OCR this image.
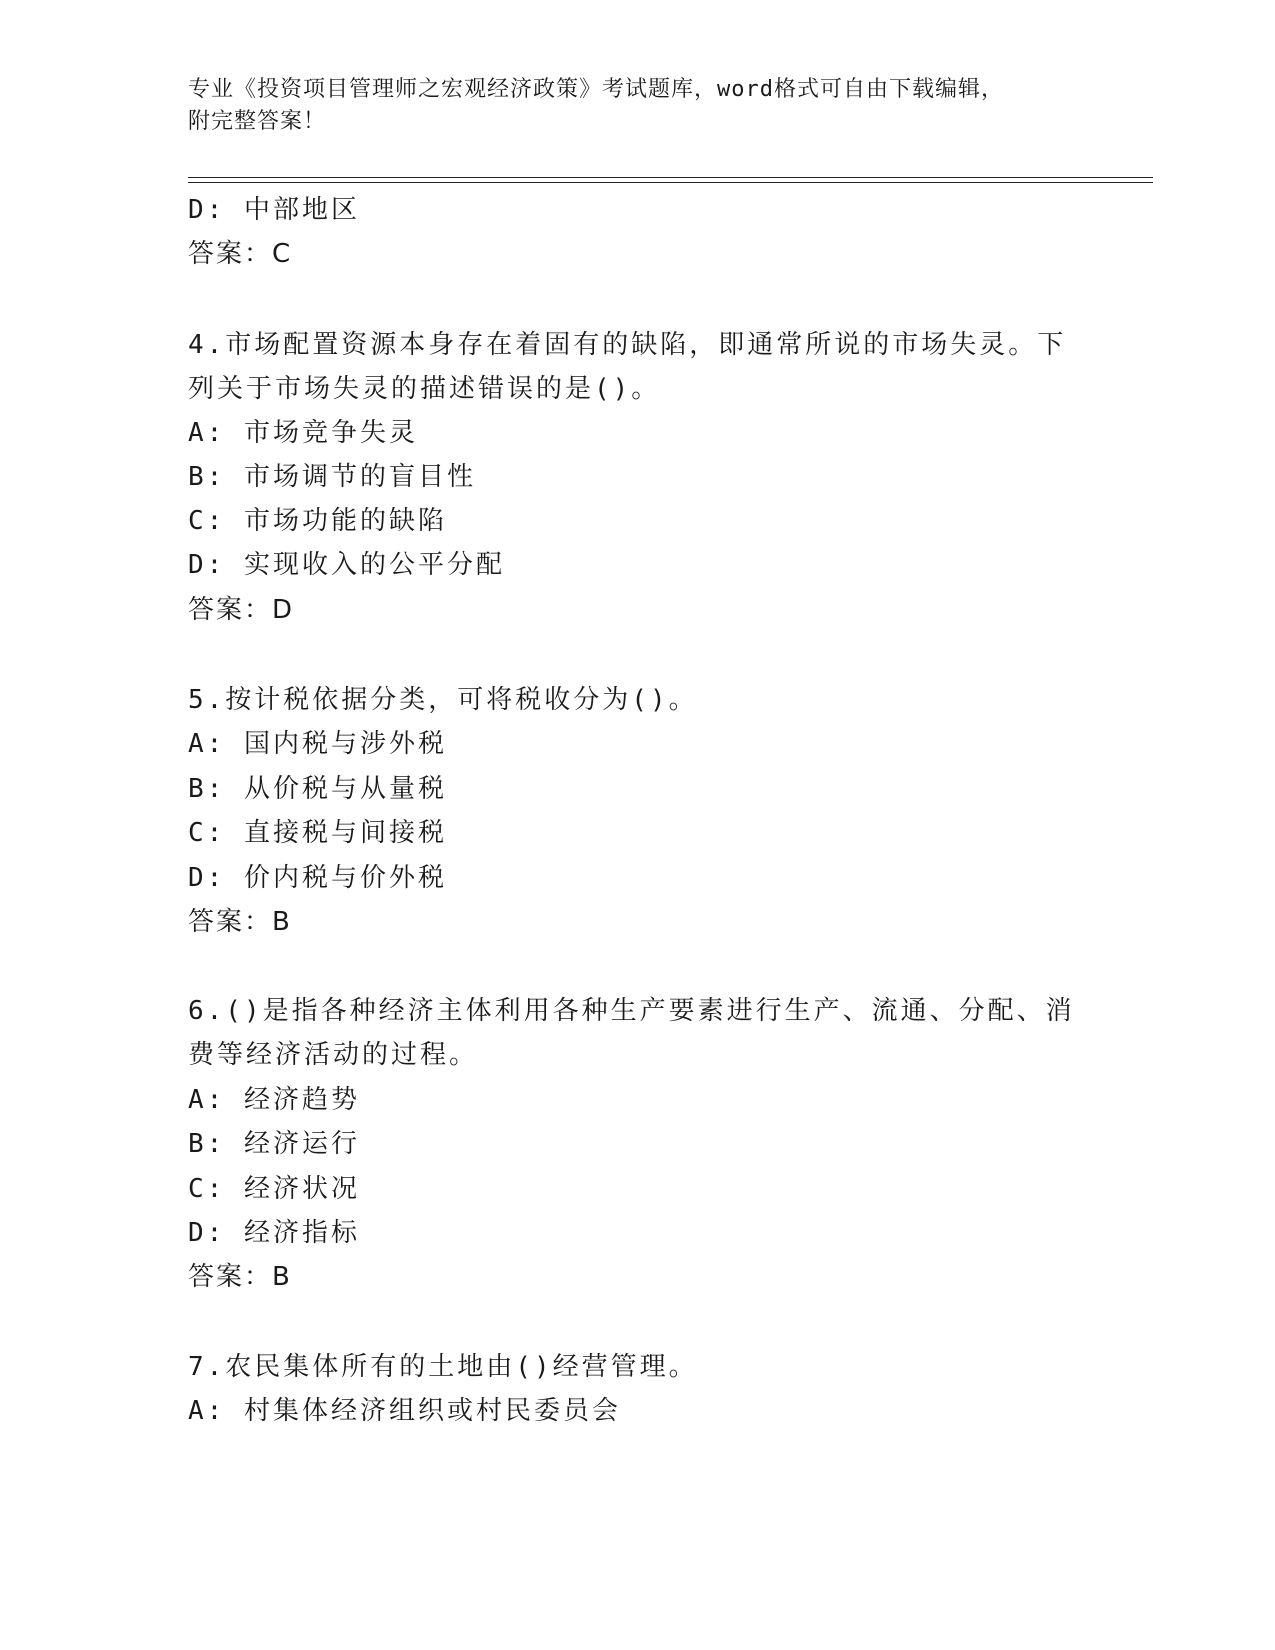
专业《投资项目管理师之宏观经济政策》考试题库，word格式可自由下载编辑，
附完整答案！
D: 中部地区
答案：C
4.市场配置资源本身存在着固有的缺陷，即通常所说的市场失灵。下
列关于市场失灵的描述错误的是()。
A: 市场竞争失灵
B: 市场调节的盲目性
C: 市场功能的缺陷
D: 实现收入的公平分配
答案：D
5.按计税依据分类，可将税收分为()。
A: 国内税与涉外税
B: 从价税与从量税
C: 直接税与间接税
D: 价内税与价外税
答案：B
6.()是指各种经济主体利用各种生产要素进行生产、流通、分配、消
费等经济活动的过程。
A: 经济趋势
B: 经济运行
C: 经济状况
D: 经济指标
答案：B
7.农民集体所有的土地由()经营管理。
A: 村集体经济组织或村民委员会
